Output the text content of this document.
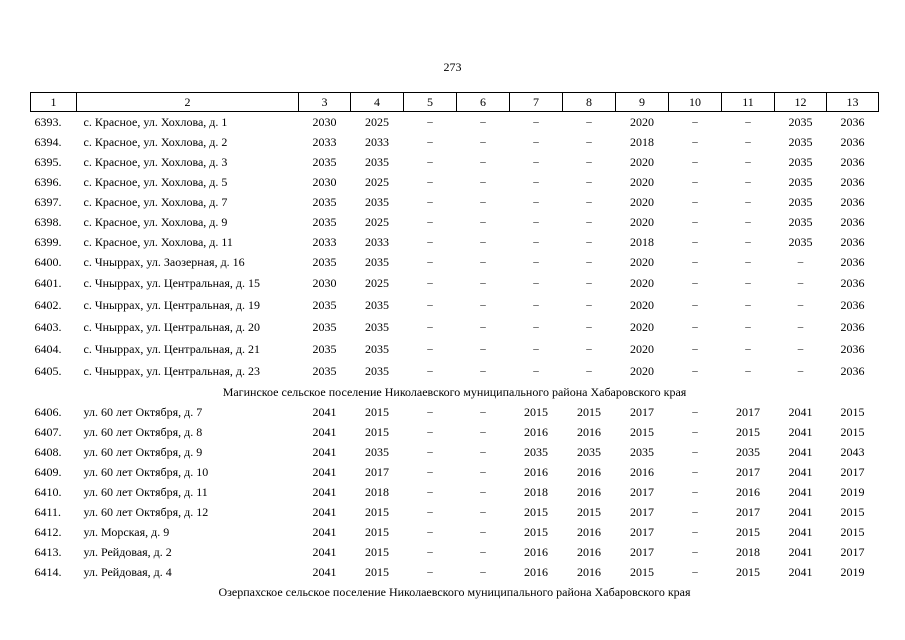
273
1	2	3	4	5	6	7	8	9	10	11	12	13
6393.	с. Красное, ул. Хохлова, д. 1	2030	2025	–	–	–	–	2020	–	–	2035	2036
6394.	с. Красное, ул. Хохлова, д. 2	2033	2033	–	–	–	–	2018	–	–	2035	2036
6395.	с. Красное, ул. Хохлова, д. 3	2035	2035	–	–	–	–	2020	–	–	2035	2036
6396.	с. Красное, ул. Хохлова, д. 5	2030	2025	–	–	–	–	2020	–	–	2035	2036
6397.	с. Красное, ул. Хохлова, д. 7	2035	2035	–	–	–	–	2020	–	–	2035	2036
6398.	с. Красное, ул. Хохлова, д. 9	2035	2025	–	–	–	–	2020	–	–	2035	2036
6399.	с. Красное, ул. Хохлова, д. 11	2033	2033	–	–	–	–	2018	–	–	2035	2036
6400.	с. Чныррах, ул. Заозерная, д. 16	2035	2035	–	–	–	–	2020	–	–	–	2036
6401.	с. Чныррах, ул. Центральная, д. 15	2030	2025	–	–	–	–	2020	–	–	–	2036
6402.	с. Чныррах, ул. Центральная, д. 19	2035	2035	–	–	–	–	2020	–	–	–	2036
6403.	с. Чныррах, ул. Центральная, д. 20	2035	2035	–	–	–	–	2020	–	–	–	2036
6404.	с. Чныррах, ул. Центральная, д. 21	2035	2035	–	–	–	–	2020	–	–	–	2036
6405.	с. Чныррах, ул. Центральная, д. 23	2035	2035	–	–	–	–	2020	–	–	–	2036
Магинское сельское поселение Николаевского муниципального района Хабаровского края												
6406.	ул. 60 лет Октября, д. 7	2041	2015	–	–	2015	2015	2017	–	2017	2041	2015
6407.	ул. 60 лет Октября, д. 8	2041	2015	–	–	2016	2016	2015	–	2015	2041	2015
6408.	ул. 60 лет Октября, д. 9	2041	2035	–	–	2035	2035	2035	–	2035	2041	2043
6409.	ул. 60 лет Октября, д. 10	2041	2017	–	–	2016	2016	2016	–	2017	2041	2017
6410.	ул. 60 лет Октября, д. 11	2041	2018	–	–	2018	2016	2017	–	2016	2041	2019
6411.	ул. 60 лет Октября, д. 12	2041	2015	–	–	2015	2015	2017	–	2017	2041	2015
6412.	ул. Морская, д. 9	2041	2015	–	–	2015	2016	2017	–	2015	2041	2015
6413.	ул. Рейдовая, д. 2	2041	2015	–	–	2016	2016	2017	–	2018	2041	2017
6414.	ул. Рейдовая, д. 4	2041	2015	–	–	2016	2016	2015	–	2015	2041	2019
Озерпахское сельское поселение Николаевского муниципального района Хабаровского края												
